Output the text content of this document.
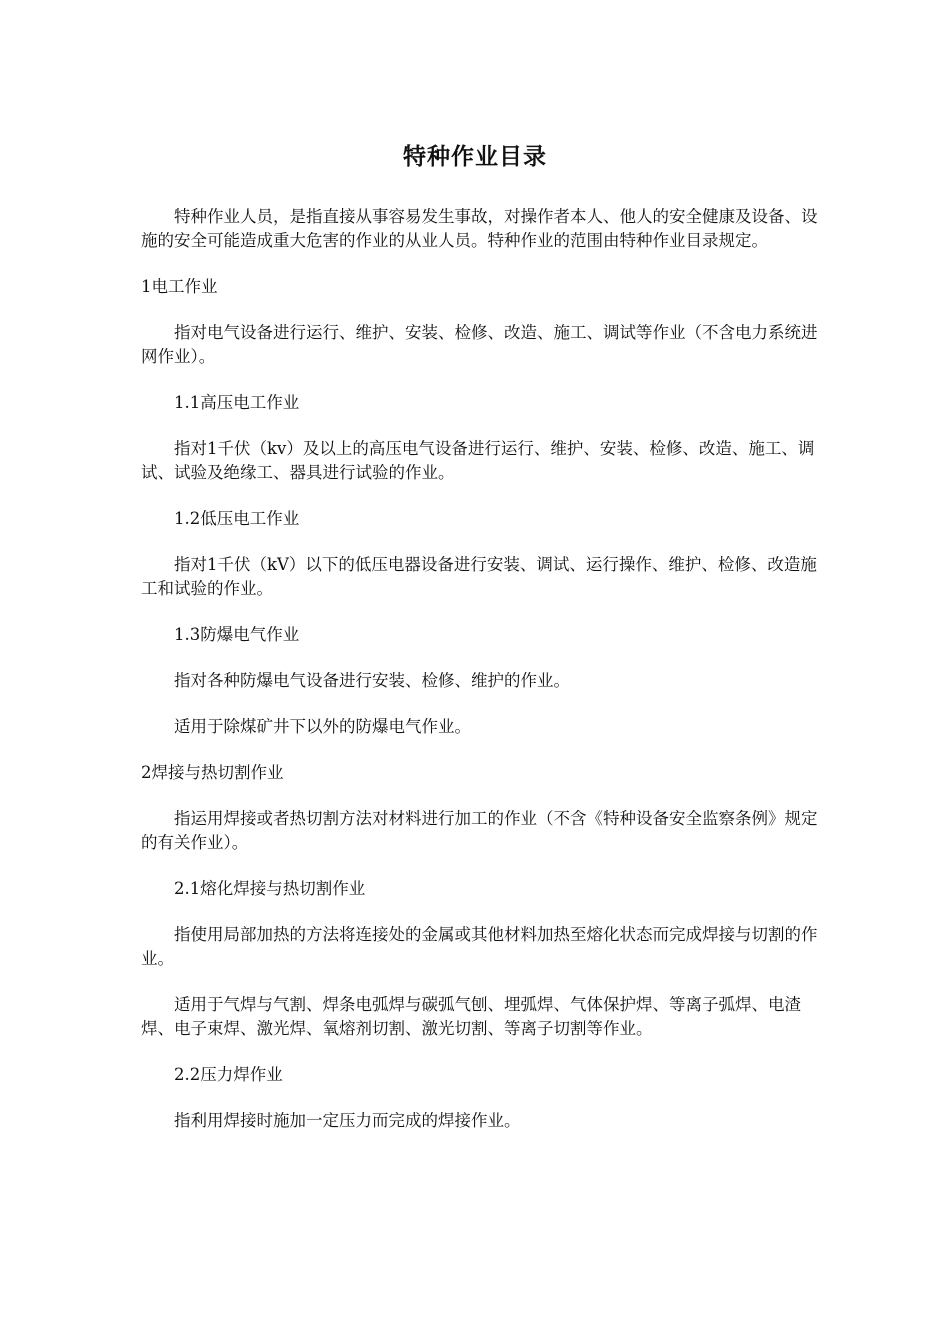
特种作业目录

特种作业人员，是指直接从事容易发生事故，对操作者本人、他人的安全健康及设备、设施的安全可能造成重大危害的作业的从业人员。特种作业的范围由特种作业目录规定。

1电工作业

指对电气设备进行运行、维护、安装、检修、改造、施工、调试等作业（不含电力系统进网作业）。

1.1高压电工作业

指对1千伏（kv）及以上的高压电气设备进行运行、维护、安装、检修、改造、施工、调试、试验及绝缘工、器具进行试验的作业。

1.2低压电工作业

指对1千伏（kV）以下的低压电器设备进行安装、调试、运行操作、维护、检修、改造施工和试验的作业。

1.3防爆电气作业

指对各种防爆电气设备进行安装、检修、维护的作业。

适用于除煤矿井下以外的防爆电气作业。

2焊接与热切割作业

指运用焊接或者热切割方法对材料进行加工的作业（不含《特种设备安全监察条例》规定的有关作业）。

2.1熔化焊接与热切割作业

指使用局部加热的方法将连接处的金属或其他材料加热至熔化状态而完成焊接与切割的作业。

适用于气焊与气割、焊条电弧焊与碳弧气刨、埋弧焊、气体保护焊、等离子弧焊、电渣焊、电子束焊、激光焊、氧熔剂切割、激光切割、等离子切割等作业。

2.2压力焊作业

指利用焊接时施加一定压力而完成的焊接作业。
